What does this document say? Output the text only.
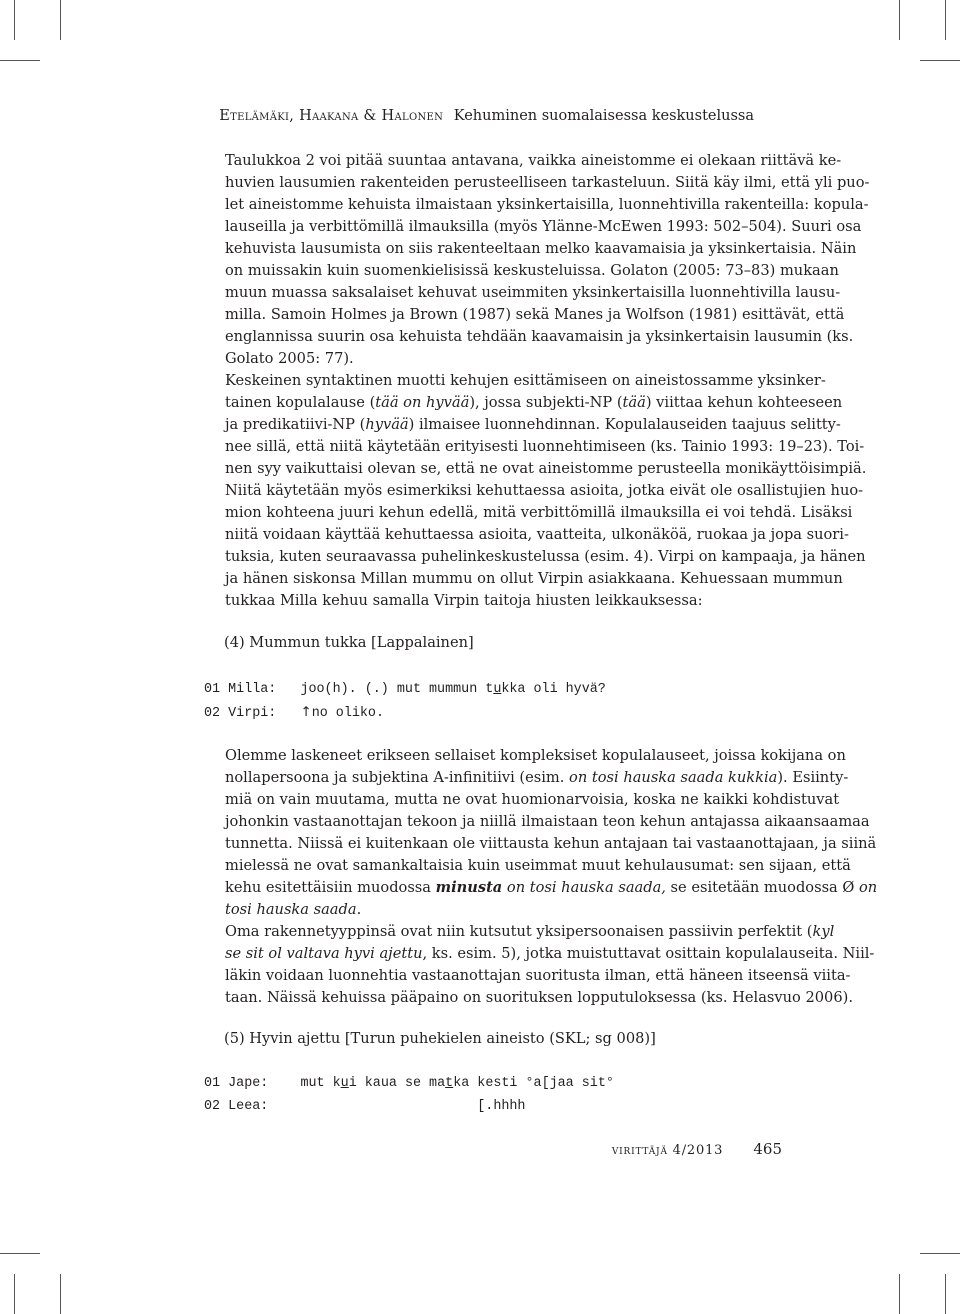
Etelämäki, Haakana & Halonen Kehuminen suomalaisessa keskustelussa
Taulukkoa 2 voi pitää suuntaa antavana, vaikka aineistomme ei olekaan riittävä ke-
huvien lausumien rakenteiden perusteelliseen tarkasteluun. Siitä käy ilmi, että yli puo-
let aineistomme kehuista ilmaistaan yksinkertaisilla, luonnehtivilla rakenteilla: kopula-
lauseilla ja verbittömillä ilmauksilla (myös Ylänne-McEwen 1993: 502–504). Suuri osa
kehuvista lausumista on siis rakenteeltaan melko kaavamaisia ja yksinkertaisia. Näin
on muissakin kuin suomenkielisissä keskusteluissa. Golaton (2005: 73–83) mukaan
muun muassa saksalaiset kehuvat useimmiten yksinkertaisilla luonnehtivilla lausu-
milla. Samoin Holmes ja Brown (1987) sekä Manes ja Wolfson (1981) esittävät, että
englannissa suurin osa kehuista tehdään kaavamaisin ja yksinkertaisin lausumin (ks.
Golato 2005: 77).
Keskeinen syntaktinen muotti kehujen esittämiseen on aineistossamme yksinker-
tainen kopulalause (tää on hyvää), jossa subjekti-NP (tää) viittaa kehun kohteeseen
ja predikatiivi-NP (hyvää) ilmaisee luonnehdinnan. Kopulalauseiden taajuus selitty-
nee sillä, että niitä käytetään erityisesti luonnehtimiseen (ks. Tainio 1993: 19–23). Toi-
nen syy vaikuttaisi olevan se, että ne ovat aineistomme perusteella monikäyttöisimpiä.
Niitä käytetään myös esimerkiksi kehuttaessa asioita, jotka eivät ole osallistujien huo-
mion kohteena juuri kehun edellä, mitä verbittömillä ilmauksilla ei voi tehdä. Lisäksi
niitä voidaan käyttää kehuttaessa asioita, vaatteita, ulkonäköä, ruokaa ja jopa suori-
tuksia, kuten seuraavassa puhelinkeskustelussa (esim. 4). Virpi on kampaaja, ja hänen
ja hänen siskonsa Millan mummu on ollut Virpin asiakkaana. Kehuessaan mummun
tukkaa Milla kehuu samalla Virpin taitoja hiusten leikkauksessa:
(4) Mummun tukka [Lappalainen]
01 Milla: joo(h). (.) mut mummun tukka oli hyvä?
02 Virpi: ↑no oliko.
Olemme laskeneet erikseen sellaiset kompleksiset kopulalauseet, joissa kokijana on
nollapersoona ja subjektina A-infinitiivi (esim. on tosi hauska saada kukkia). Esiinty-
miä on vain muutama, mutta ne ovat huomionarvoisia, koska ne kaikki kohdistuvat
johonkin vastaanottajan tekoon ja niillä ilmaistaan teon kehun antajassa aikaansaamaa
tunnetta. Niissä ei kuitenkaan ole viittausta kehun antajaan tai vastaanottajaan, ja siinä
mielessä ne ovat samankaltaisia kuin useimmat muut kehulausumat: sen sijaan, että
kehu esitettäisiin muodossa minusta on tosi hauska saada, se esitetään muodossa Ø on
tosi hauska saada.
Oma rakennetyyppinsä ovat niin kutsutut yksipersoonaisen passiivin perfektit (kyl
se sit ol valtava hyvi ajettu, ks. esim. 5), jotka muistuttavat osittain kopulalauseita. Niil-
läkin voidaan luonnehtia vastaanottajan suoritusta ilman, että häneen itseensä viita-
taan. Näissä kehuissa pääpaino on suorituksen lopputuloksessa (ks. Helasvuo 2006).
(5) Hyvin ajettu [Turun puhekielen aineisto (SKL; sg 008)]
01 Jape: mut kui kaua se matka kesti °a[jaa sit°
02 Leea:	[.hhhh
virittäjä 4/2013 465
